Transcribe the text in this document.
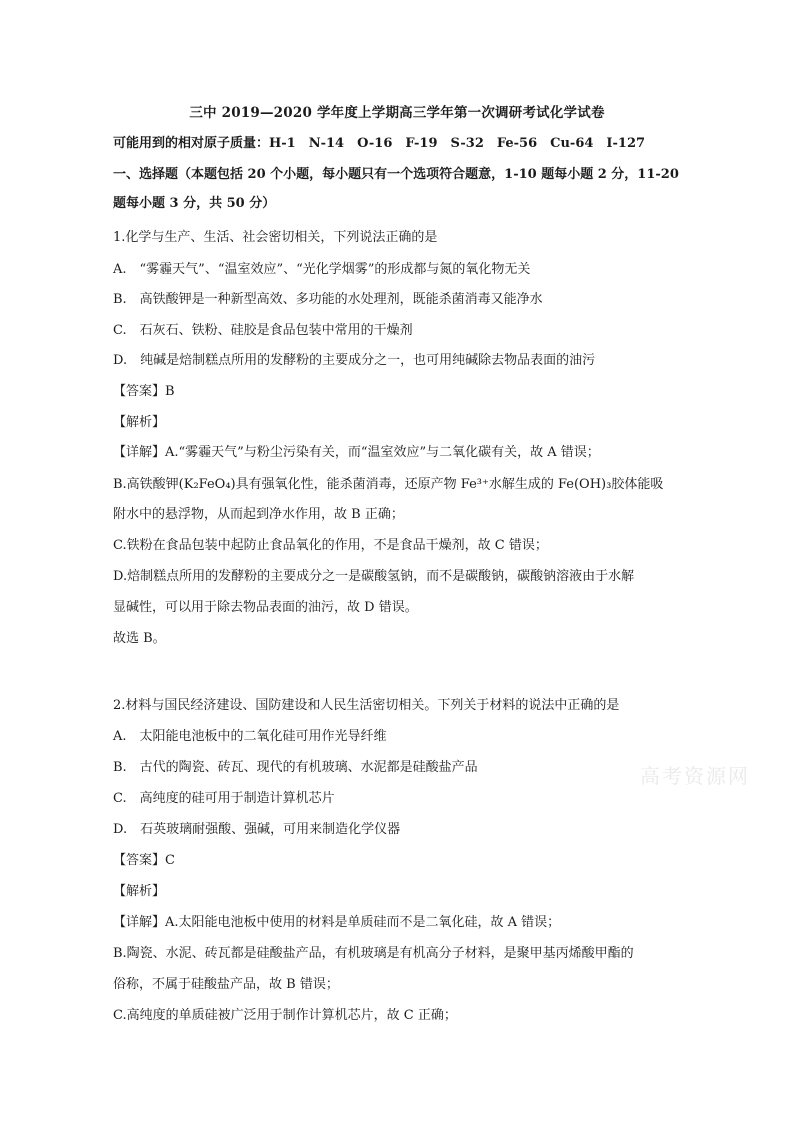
三中 2019—2020 学年度上学期高三学年第一次调研考试化学试卷
可能用到的相对原子质量：H-1　N-14　O-16　F-19　S-32　Fe-56　Cu-64　I-127
一、选择题（本题包括 20 个小题，每小题只有一个选项符合题意，1-10 题每小题 2 分，11-20
题每小题 3 分，共 50 分）
1.化学与生产、生活、社会密切相关，下列说法正确的是
A.　“雾霾天气”、“温室效应”、“光化学烟雾”的形成都与氮的氧化物无关
B.　高铁酸钾是一种新型高效、多功能的水处理剂，既能杀菌消毒又能净水
C.　石灰石、铁粉、硅胶是食品包装中常用的干燥剂
D.　纯碱是焙制糕点所用的发酵粉的主要成分之一，也可用纯碱除去物品表面的油污
【答案】B
【解析】
【详解】A.“雾霾天气”与粉尘污染有关，而“温室效应”与二氧化碳有关，故 A 错误；
B.高铁酸钾(K₂FeO₄)具有强氧化性，能杀菌消毒，还原产物 Fe³⁺水解生成的 Fe(OH)₃胶体能吸
附水中的悬浮物，从而起到净水作用，故 B 正确；
C.铁粉在食品包装中起防止食品氧化的作用，不是食品干燥剂，故 C 错误；
D.焙制糕点所用的发酵粉的主要成分之一是碳酸氢钠，而不是碳酸钠，碳酸钠溶液由于水解
显碱性，可以用于除去物品表面的油污，故 D 错误。
故选 B。
2.材料与国民经济建设、国防建设和人民生活密切相关。下列关于材料的说法中正确的是
A.　太阳能电池板中的二氧化硅可用作光导纤维
B.　古代的陶瓷、砖瓦、现代的有机玻璃、水泥都是硅酸盐产品
C.　高纯度的硅可用于制造计算机芯片
D.　石英玻璃耐强酸、强碱，可用来制造化学仪器
【答案】C
【解析】
【详解】A.太阳能电池板中使用的材料是单质硅而不是二氧化硅，故 A 错误；
B.陶瓷、水泥、砖瓦都是硅酸盐产品，有机玻璃是有机高分子材料，是聚甲基丙烯酸甲酯的
俗称，不属于硅酸盐产品，故 B 错误；
C.高纯度的单质硅被广泛用于制作计算机芯片，故 C 正确；
高考资源网
